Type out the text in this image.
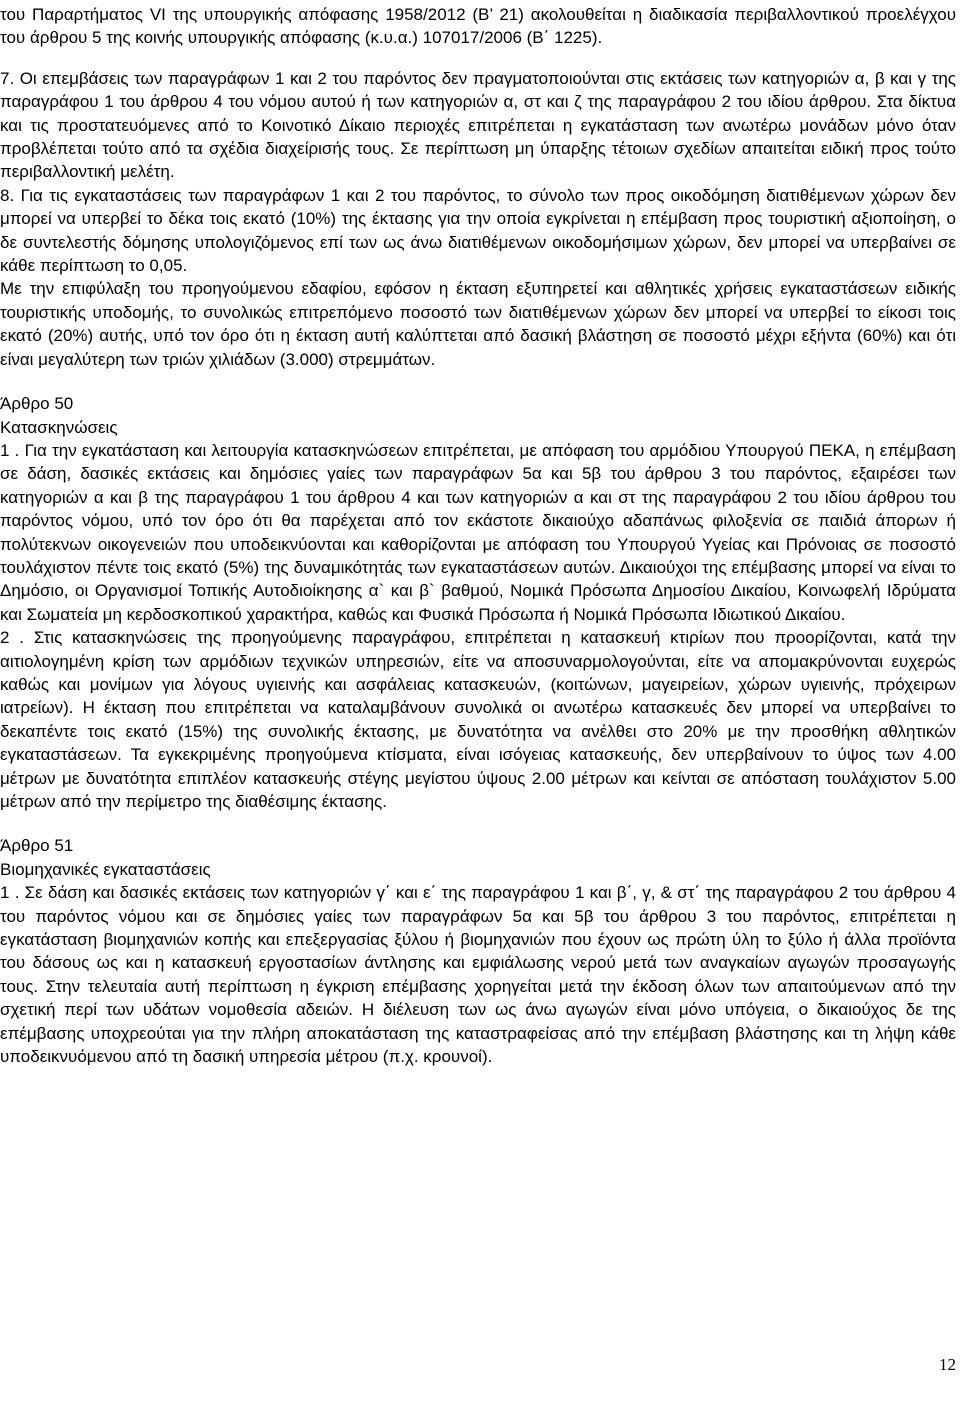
του Παραρτήματος VI της υπουργικής απόφασης 1958/2012 (Β’ 21) ακολουθείται η διαδικασία περιβαλλοντικού προελέγχου του άρθρου 5 της κοινής υπουργικής απόφασης (κ.υ.α.) 107017/2006 (Β΄ 1225).

7. Οι επεμβάσεις των παραγράφων 1 και 2 του παρόντος δεν πραγματοποιούνται στις εκτάσεις των κατηγοριών α, β και γ της παραγράφου 1 του άρθρου 4 του νόμου αυτού ή των κατηγοριών α, στ και ζ της παραγράφου 2 του ιδίου άρθρου. Στα δίκτυα και τις προστατευόμενες από το Κοινοτικό Δίκαιο περιοχές επιτρέπεται η εγκατάσταση των ανωτέρω μονάδων μόνο όταν προβλέπεται τούτο από τα σχέδια διαχείρισής τους. Σε περίπτωση μη ύπαρξης τέτοιων σχεδίων απαιτείται ειδική προς τούτο περιβαλλοντική μελέτη.

8. Για τις εγκαταστάσεις των παραγράφων 1 και 2 του παρόντος, το σύνολο των προς οικοδόμηση διατιθέμενων χώρων δεν μπορεί να υπερβεί το δέκα τοις εκατό (10%) της έκτασης για την οποία εγκρίνεται η επέμβαση προς τουριστική αξιοποίηση, ο δε συντελεστής δόμησης υπολογιζόμενος επί των ως άνω διατιθέμενων οικοδομήσιμων χώρων, δεν μπορεί να υπερβαίνει σε κάθε περίπτωση το 0,05.

Με την επιφύλαξη του προηγούμενου εδαφίου, εφόσον η έκταση εξυπηρετεί και αθλητικές χρήσεις εγκαταστάσεων ειδικής τουριστικής υποδομής, το συνολικώς επιτρεπόμενο ποσοστό των διατιθέμενων χώρων δεν μπορεί να υπερβεί το είκοσι τοις εκατό (20%) αυτής, υπό τον όρο ότι η έκταση αυτή καλύπτεται από δασική βλάστηση σε ποσοστό μέχρι εξήντα (60%) και ότι είναι μεγαλύτερη των τριών χιλιάδων (3.000) στρεμμάτων.

Άρθρο 50

Κατασκηνώσεις

1 . Για την εγκατάσταση και λειτουργία κατασκηνώσεων επιτρέπεται, με απόφαση του αρμόδιου Υπουργού ΠΕΚΑ, η επέμβαση σε δάση, δασικές εκτάσεις και δημόσιες γαίες των παραγράφων 5α και 5β του άρθρου 3 του παρόντος, εξαιρέσει των κατηγοριών α και β της παραγράφου 1 του άρθρου 4 και των κατηγοριών α και στ της παραγράφου 2 του ιδίου άρθρου του παρόντος νόμου, υπό τον όρο ότι θα παρέχεται από τον εκάστοτε δικαιούχο αδαπάνως φιλοξενία σε παιδιά άπορων ή πολύτεκνων οικογενειών που υποδεικνύονται και καθορίζονται με απόφαση του Υπουργού Υγείας και Πρόνοιας σε ποσοστό τουλάχιστον πέντε τοις εκατό (5%) της δυναμικότητάς των εγκαταστάσεων αυτών. Δικαιούχοι της επέμβασης μπορεί να είναι το Δημόσιο, οι Οργανισμοί Τοπικής Αυτοδιοίκησης α` και β` βαθμού, Νομικά Πρόσωπα Δημοσίου Δικαίου, Κοινωφελή Ιδρύματα και Σωματεία μη κερδοσκοπικού χαρακτήρα, καθώς και Φυσικά Πρόσωπα ή Νομικά Πρόσωπα Ιδιωτικού Δικαίου.

2 . Στις κατασκηνώσεις της προηγούμενης παραγράφου, επιτρέπεται η κατασκευή κτιρίων που προορίζονται, κατά την αιτιολογημένη κρίση των αρμόδιων τεχνικών υπηρεσιών, είτε να αποσυναρμολογούνται, είτε να απομακρύνονται ευχερώς καθώς και μονίμων για λόγους υγιεινής και ασφάλειας κατασκευών, (κοιτώνων, μαγειρείων, χώρων υγιεινής, πρόχειρων ιατρείων). Η έκταση που επιτρέπεται να καταλαμβάνουν συνολικά οι ανωτέρω κατασκευές δεν μπορεί να υπερβαίνει το δεκαπέντε τοις εκατό (15%) της συνολικής έκτασης, με δυνατότητα να ανέλθει στο 20% με την προσθήκη αθλητικών εγκαταστάσεων. Τα εγκεκριμένης προηγούμενα κτίσματα, είναι ισόγειας κατασκευής, δεν υπερβαίνουν το ύψος των 4.00 μέτρων με δυνατότητα επιπλέον κατασκευής στέγης μεγίστου ύψους 2.00 μέτρων και κείνται σε απόσταση τουλάχιστον 5.00 μέτρων από την περίμετρο της διαθέσιμης έκτασης.

Άρθρο 51

Βιομηχανικές εγκαταστάσεις

1 . Σε δάση και δασικές εκτάσεις των κατηγοριών γ΄ και ε΄ της παραγράφου 1 και β΄, γ, & στ΄ της παραγράφου 2 του άρθρου 4 του παρόντος νόμου και σε δημόσιες γαίες των παραγράφων 5α και 5β του άρθρου 3 του παρόντος, επιτρέπεται η εγκατάσταση βιομηχανιών κοπής και επεξεργασίας ξύλου ή βιομηχανιών που έχουν ως πρώτη ύλη το ξύλο ή άλλα προϊόντα του δάσους ως και η κατασκευή εργοστασίων άντλησης και εμφιάλωσης νερού μετά των αναγκαίων αγωγών προσαγωγής τους. Στην τελευταία αυτή περίπτωση η έγκριση επέμβασης χορηγείται μετά την έκδοση όλων των απαιτούμενων από την σχετική περί των υδάτων νομοθεσία αδειών. Η διέλευση των ως άνω αγωγών είναι μόνο υπόγεια, ο δικαιούχος δε της επέμβασης υποχρεούται για την πλήρη αποκατάσταση της καταστραφείσας από την επέμβαση βλάστησης και τη λήψη κάθε υποδεικνυόμενου από τη δασική υπηρεσία μέτρου (π.χ. κρουνοί).

12
